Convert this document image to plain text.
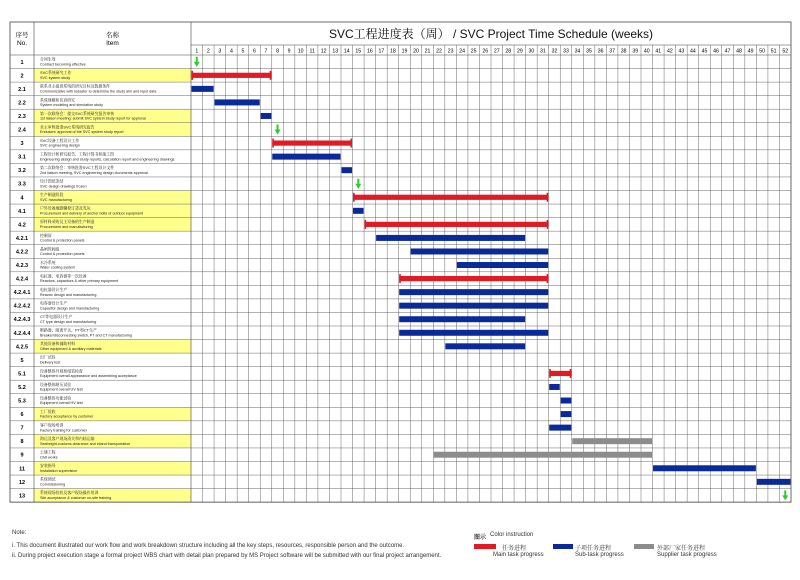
SVC工程进度表（周） / SVC Project Time Schedule (weeks)
序号
No.
名称
Item
1 2 3 4 5 6 7 8 9 10 11 12 13 14 15 16 17 18 19 20 21 22 23 24 25 26 27 28 29 30 31 32 33 34 35 36 37 38 39 40 41 42 43 44 45 46 47 48 49 50 51 52
1
合同生效
Contract becoming effective
2
SVC系统研究工作
SVC system study
2.1
联系业主提供系统的研究目标及数据条件
Communicative with redaster to determine the study aim and input data
2.2
系统建模和仿真研究
System modeling and simulation study
2.3
第一次联络会：提交SVC系统研究报告审核
1st liaison meeting: submit SVC system study report for approval
2.4
业主审核批准SVC系统研究报告
Endusers' approval of the SVC system study report
3
SVC设备工程设计工作
SVC engineering design
3.1
工程设计和研究报告、工程计算书和施工图
Engineering design and study reports, calculation report and engineering drawings
3.2
第二次联络会：审核批准SVC工程设计文件
2nd liaison meeting, SVC engineering design documents approval
3.3
设计图纸冻结
SVC design drawings frozen
4
生产制造阶段
SVC manufacturing
4.1
户外设备地脚螺栓订货及发运
Procurement and delivery of anchor bolts of outdoor equipment
4.2
原材料采购及主设备的生产制造
Procurement and manufacturing
4.2.1
控制屏
Control & protection panels
4.2.2
晶闸管阀组
Control & protection panels
4.2.3
水冷系统
Water cooling system
4.2.4
电抗器、电容器等一次设备
Reactors, capacitors & other primary equipment
4.2.4.1
电抗器设计生产
Reactor design and manufacturing
4.2.4.2
电容器设计生产
Capacitor design and manufacturing
4.2.4.3
CT等电器设计生产
CT type design and manufacturing
4.2.4.4
断路器、隔离开关、PT和CT生产
Breaker/disconnecting switch, PT and CT manufacturing
4.2.5
其他设备和辅助材料
Other equipment & auxiliary materials
5
出厂试验
Delivery test
5.1
设备整体外观和组装检查
Equipment overall appearance and assembling acceptance
5.2
设备整体耐压试验
Equipment overall UV test
5.3
设备整体功能试验
Equipment overall HV test
6
工厂验收
Factory acceptance by customer
7
客户现场培训
Factory training for customer
8
海运及客户现场清关和内陆运输
Seafreight,customs clearance and inland transportation
9
土建工程
Civil works
11
安装指导
Installation supervision
12
系统调试
Commissioning
13
系统现场验收及客户现场操作培训
Site acceptance & customer on-site training
Note:
i. This document illustrated our work flow and work breakdown structure including all the key steps, resources, responsible person and the outcome.
ii. During project execution stage a formal project WBS chart with detail plan prepared by MS Project software will be submitted with our final project arrangement.
图示 Color instruction
任务进程
Main task progress
子项任务进程
Sub-task progress
外部厂家任务进程
Supplier task progress
